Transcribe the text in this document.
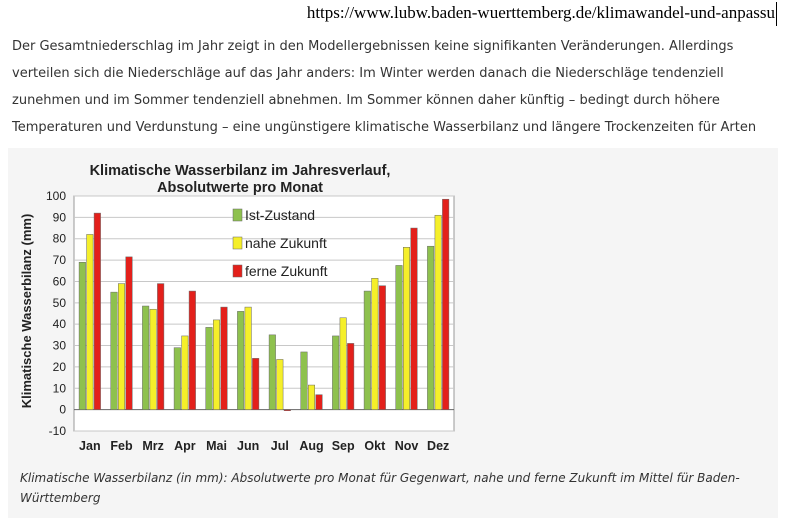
https://www.lubw.baden-wuerttemberg.de/klimawandel-und-anpassu
Der Gesamtniederschlag im Jahr zeigt in den Modellergebnissen keine signifikanten Veränderungen. Allerdings
verteilen sich die Niederschläge auf das Jahr anders: Im Winter werden danach die Niederschläge tendenziell
zunehmen und im Sommer tendenziell abnehmen. Im Sommer können daher künftig – bedingt durch höhere
Temperaturen und Verdunstung – eine ungünstigere klimatische Wasserbilanz und längere Trockenzeiten für Arten
Klimatische Wasserbilanz im Jahresverlauf,
Absolutwerte pro Monat
Klimatische Wasserbilanz (mm)
-10
0
10
20
30
40
50
60
70
80
90
100
Jan Feb Mrz Apr Mai Jun Jul Aug Sep Okt Nov Dez
Ist-Zustand
nahe Zukunft
ferne Zukunft
Klimatische Wasserbilanz (in mm): Absolutwerte pro Monat für Gegenwart, nahe und ferne Zukunft im Mittel für Baden-Württemberg
